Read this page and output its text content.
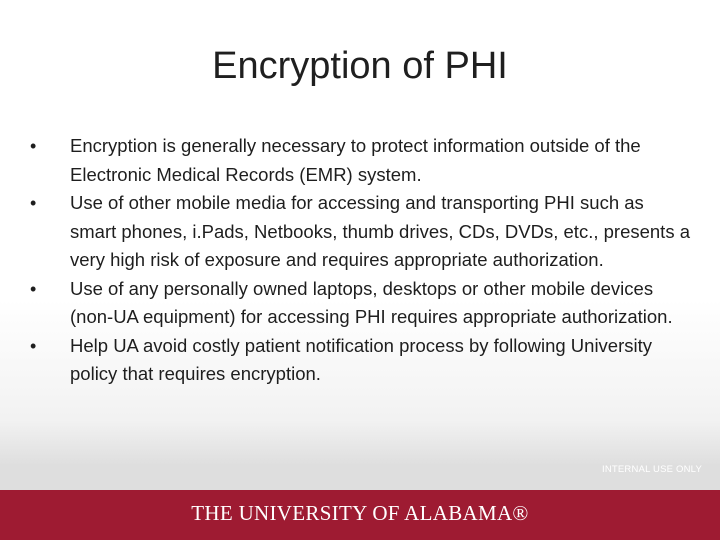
Encryption of PHI
•	Encryption is generally necessary to protect information outside of the Electronic Medical Records (EMR) system.
•	Use of other mobile media for accessing and transporting PHI such as smart phones, i.Pads, Netbooks, thumb drives, CDs, DVDs, etc., presents a very high risk of exposure and requires appropriate authorization.
•	Use of any personally owned laptops, desktops or other mobile devices (non-UA equipment) for accessing PHI requires appropriate authorization.
•	Help UA avoid costly patient notification process by following University policy that requires encryption.
INTERNAL USE ONLY
THE UNIVERSITY OF ALABAMA®
